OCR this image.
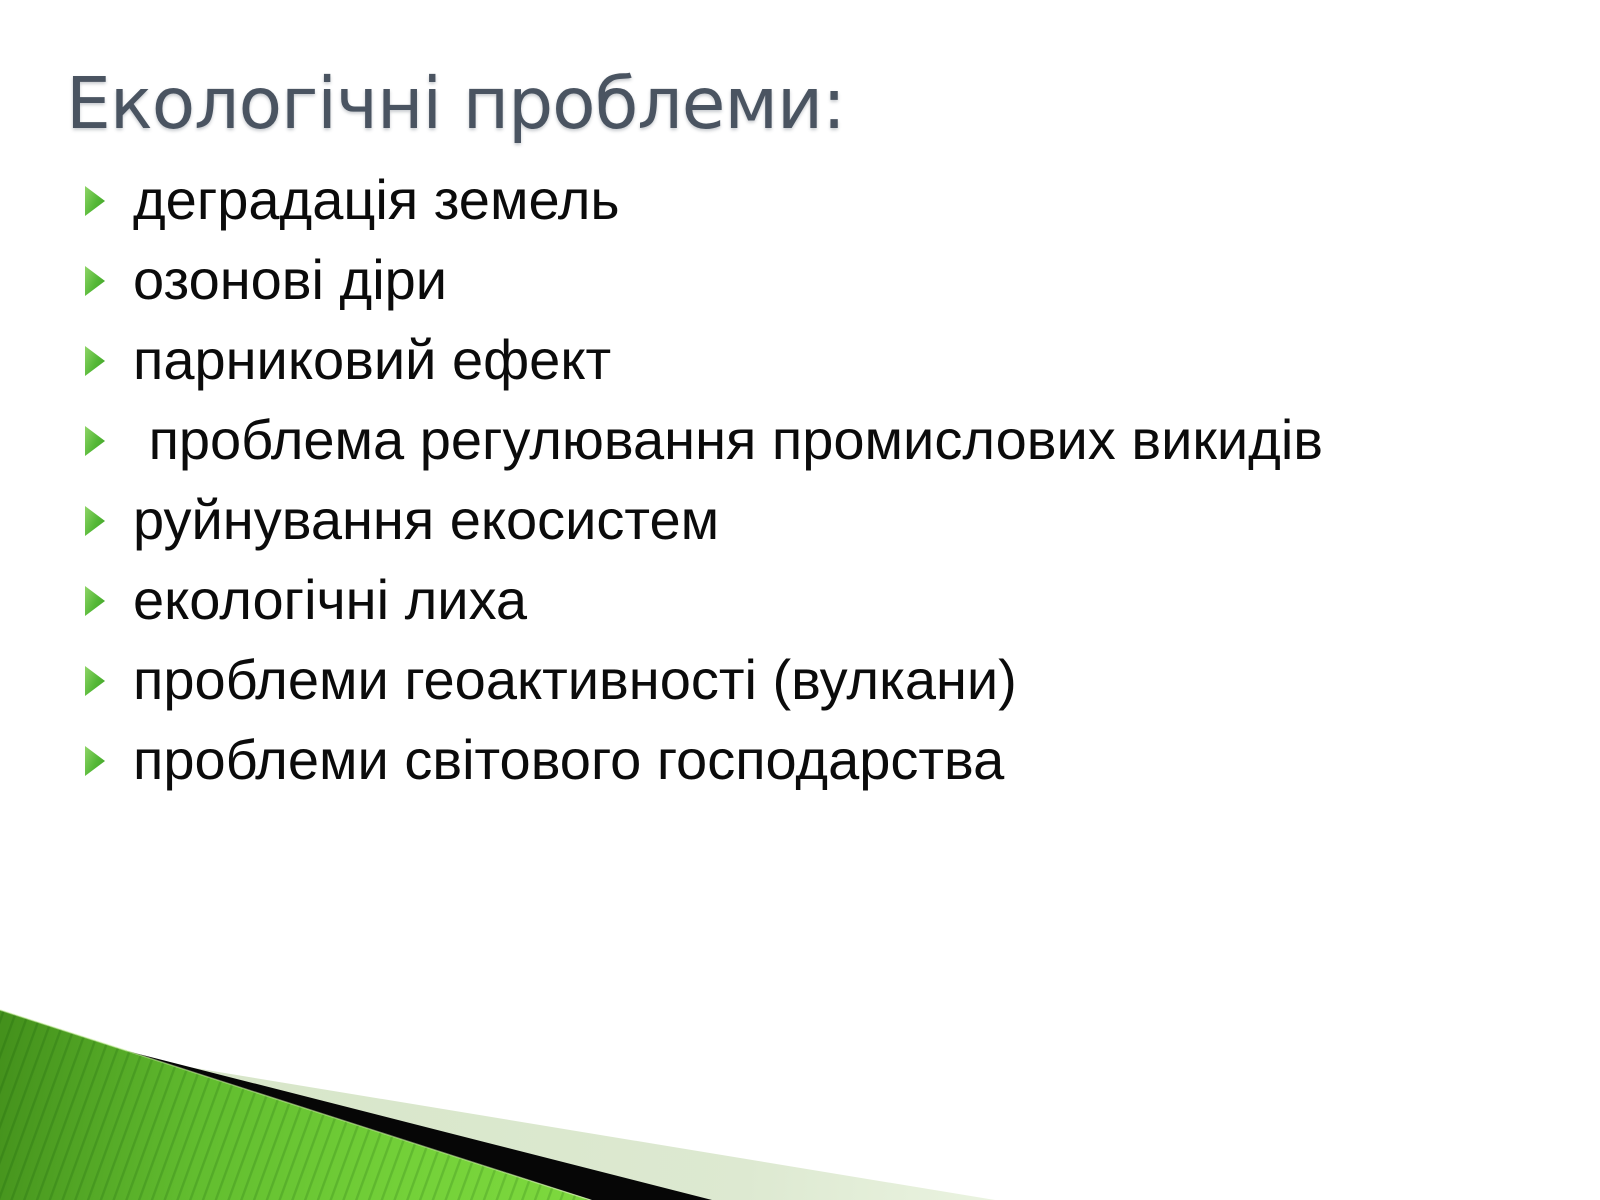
Екологічні проблеми:
деградація земель
озонові діри
парниковий ефект
проблема регулювання промислових викидів
руйнування екосистем
екологічні лиха
проблеми геоактивності (вулкани)
проблеми світового господарства
